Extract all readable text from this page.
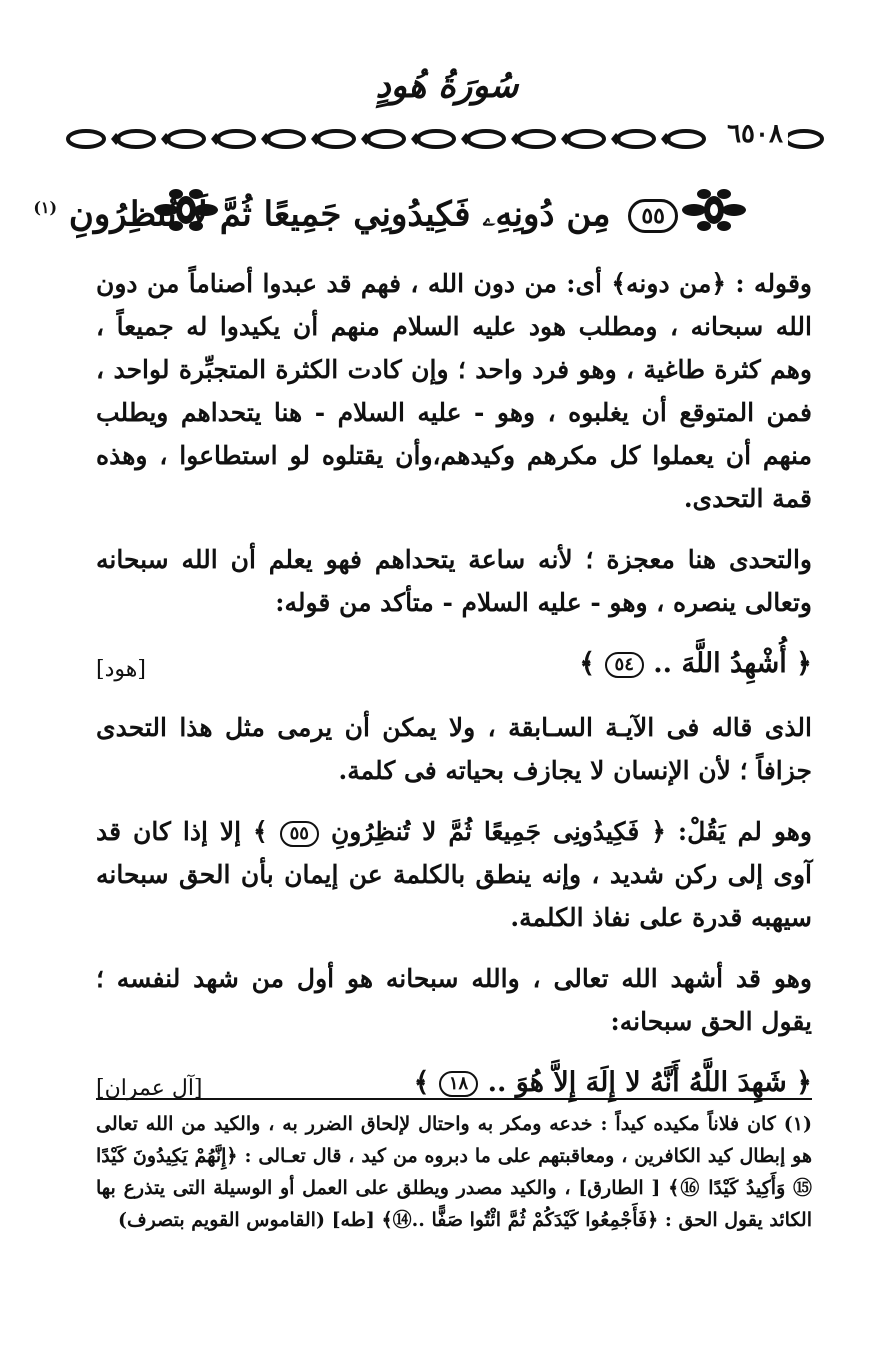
سُورَةُ هُودٍ
٦٥٠٨
٥٥ مِن دُونِهِۦ فَكِيدُونِي جَمِيعًا ثُمَّ لَا تُنظِرُونِ $^{(١)}$

وقوله : ﴿من دونه﴾ أى: من دون الله ، فهم قد عبدوا أصناماً من دون الله سبحانه ، ومطلب هود عليه السلام منهم أن يكيدوا له جميعاً ، وهم كثرة طاغية ، وهو فرد واحد ؛ وإن كادت الكثرة المتجبِّرة لواحد ، فمن المتوقع أن يغلبوه ، وهو - عليه السلام - هنا يتحداهم ويطلب منهم أن يعملوا كل مكرهم وكيدهم،وأن يقتلوه لو استطاعوا ، وهذه قمة التحدى.

والتحدى هنا معجزة ؛ لأنه ساعة يتحداهم فهو يعلم أن الله سبحانه وتعالى ينصره ، وهو - عليه السلام - متأكد من قوله:

﴿ أُشْهِدُ اللَّهَ .. ٥٤ ﴾
[هود]

الذى قاله فى الآيـة السـابقة ، ولا يمكن أن يرمى مثل هذا التحدى جزافاً ؛ لأن الإنسان لا يجازف بحياته فى كلمة.

وهو لم يَقُلْ: ﴿ فَكِيدُونِى جَمِيعًا ثُمَّ لا تُنظِرُونِ ٥٥ ﴾ إلا إذا كان قد آوى إلى ركن شديد ، وإنه ينطق بالكلمة عن إيمان بأن الحق سبحانه سيهبه قدرة على نفاذ الكلمة.

وهو قد أشهد الله تعالى ، والله سبحانه هو أول من شهد لنفسه ؛ يقول الحق سبحانه:

﴿ شَهِدَ اللَّهُ أَنَّهُ لا إِلَهَ إِلاَّ هُوَ .. ١٨ ﴾
[آل عمران]

(١) كان فلاناً مكيده كيداً : خدعه ومكر به واحتال لإلحاق الضرر به ، والكيد من الله تعالى هو إبطال كيد الكافرين ، ومعاقبتهم على ما دبروه من كيد ، قال تعـالى : ﴿إِنَّهُمْ يَكِيدُونَ كَيْدًا ⑮ وَأَكِيدُ كَيْدًا ⑯﴾ [ الطارق] ، والكيد مصدر ويطلق على العمل أو الوسيلة التى يتذرع بها الكائد يقول الحق : ﴿فَأَجْمِعُوا كَيْدَكُمْ ثُمَّ ائْتُوا صَفًّا ..⑭﴾ [طه] (القاموس القويم بتصرف)
